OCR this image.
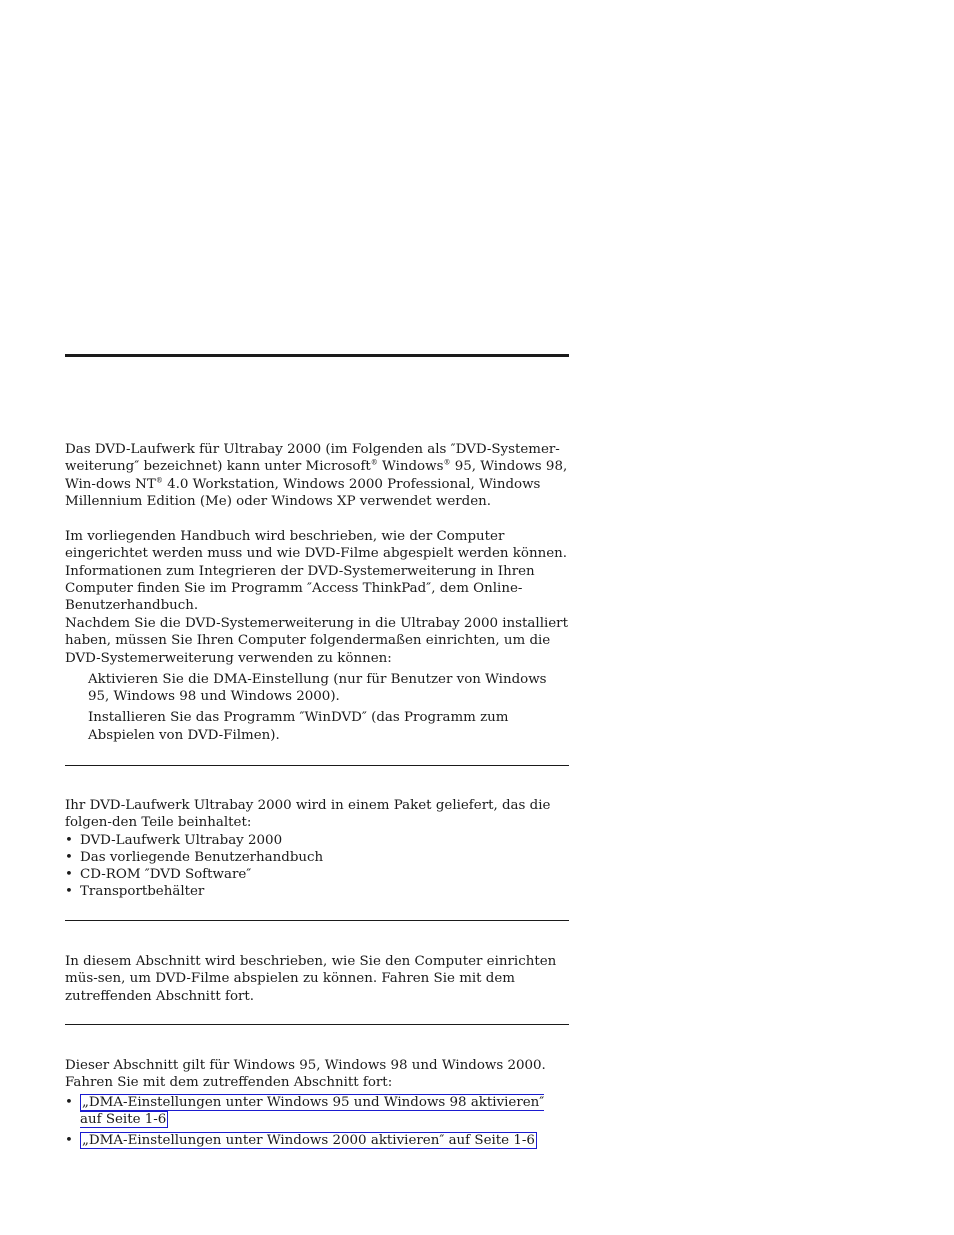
Das DVD-Laufwerk für Ultrabay 2000 (im Folgenden als ″DVD-Systemer-weiterung″ bezeichnet) kann unter Microsoft® Windows® 95, Windows 98, Win-dows NT® 4.0 Workstation, Windows 2000 Professional, Windows Millennium Edition (Me) oder Windows XP verwendet werden.

Im vorliegenden Handbuch wird beschrieben, wie der Computer eingerichtet werden muss und wie DVD-Filme abgespielt werden können. Informationen zum Integrieren der DVD-Systemerweiterung in Ihren Computer finden Sie im Programm ″Access ThinkPad″, dem Online-Benutzerhandbuch.

Nachdem Sie die DVD-Systemerweiterung in die Ultrabay 2000 installiert haben, müssen Sie Ihren Computer folgendermaßen einrichten, um die DVD-Systemerweiterung verwenden zu können:

Aktivieren Sie die DMA-Einstellung (nur für Benutzer von Windows 95, Windows 98 und Windows 2000).

Installieren Sie das Programm ″WinDVD″ (das Programm zum Abspielen von DVD-Filmen).

Ihr DVD-Laufwerk Ultrabay 2000 wird in einem Paket geliefert, das die folgen-den Teile beinhaltet:

• DVD-Laufwerk Ultrabay 2000
• Das vorliegende Benutzerhandbuch
• CD-ROM ″DVD Software″
• Transportbehälter

In diesem Abschnitt wird beschrieben, wie Sie den Computer einrichten müs-sen, um DVD-Filme abspielen zu können. Fahren Sie mit dem zutreffenden Abschnitt fort.

Dieser Abschnitt gilt für Windows 95, Windows 98 und Windows 2000. Fahren Sie mit dem zutreffenden Abschnitt fort:

• „DMA-Einstellungen unter Windows 95 und Windows 98 aktivieren″ auf Seite 1-6
• „DMA-Einstellungen unter Windows 2000 aktivieren″ auf Seite 1-6
